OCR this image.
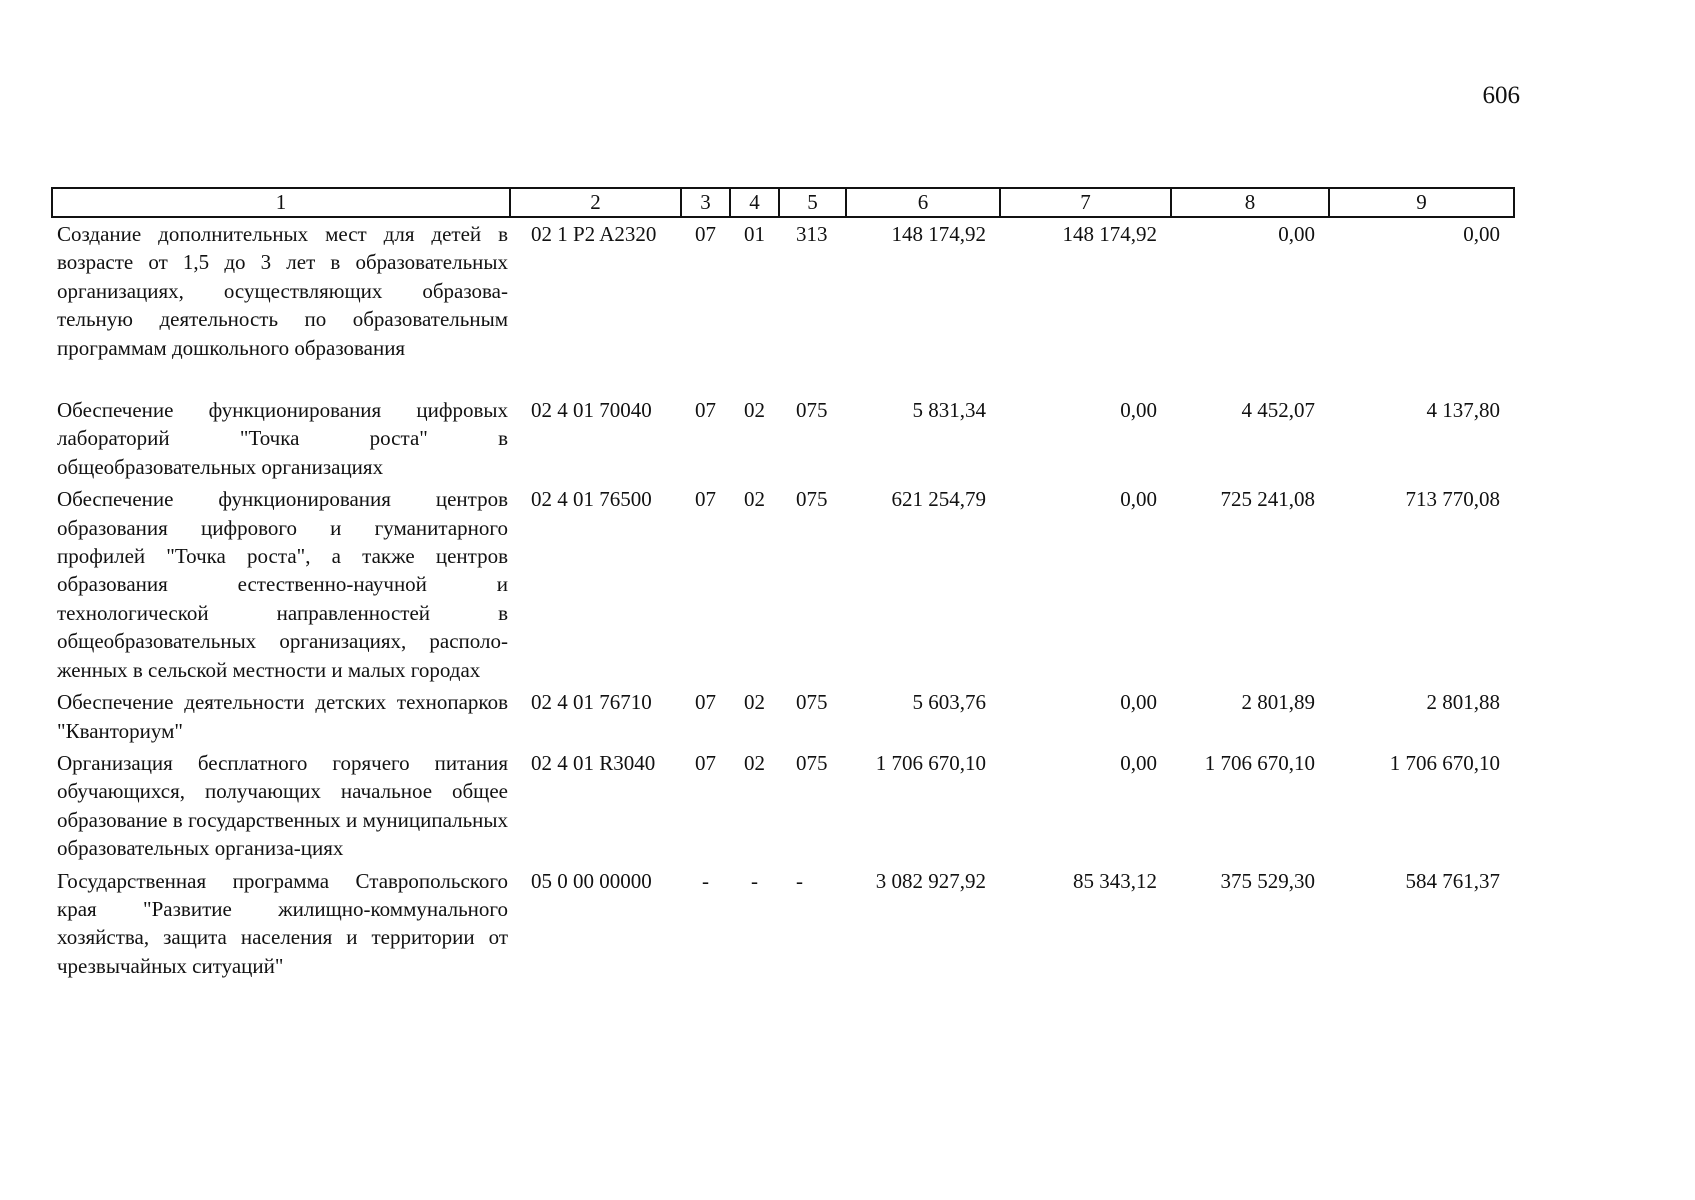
606
1	2	3	4	5	6	7	8	9
Создание дополнительных мест для детей в возрасте от 1,5 до 3 лет в образовательных организациях, осуществляющих образова-тельную деятельность по образовательным программам дошкольного образования	02 1 P2 A2320	07	01	313	148 174,92	148 174,92	0,00	0,00

Обеспечение функционирования цифровых лабораторий "Точка роста" в общеобразовательных организациях	02 4 01 70040	07	02	075	5 831,34	0,00	4 452,07	4 137,80
Обеспечение функционирования центров образования цифрового и гуманитарного профилей "Точка роста", а также центров образования естественно-научной и технологической направленностей в общеобразовательных организациях, располо-женных в сельской местности и малых городах	02 4 01 76500	07	02	075	621 254,79	0,00	725 241,08	713 770,08
Обеспечение деятельности детских технопарков "Кванториум"	02 4 01 76710	07	02	075	5 603,76	0,00	2 801,89	2 801,88
Организация бесплатного горячего питания обучающихся, получающих начальное общее образование в государственных и муниципальных образовательных организа-циях	02 4 01 R3040	07	02	075	1 706 670,10	0,00	1 706 670,10	1 706 670,10
Государственная программа Ставропольского края "Развитие жилищно-коммунального хозяйства, защита населения и территории от чрезвычайных ситуаций"	05 0 00 00000	-	-	-	3 082 927,92	85 343,12	375 529,30	584 761,37
